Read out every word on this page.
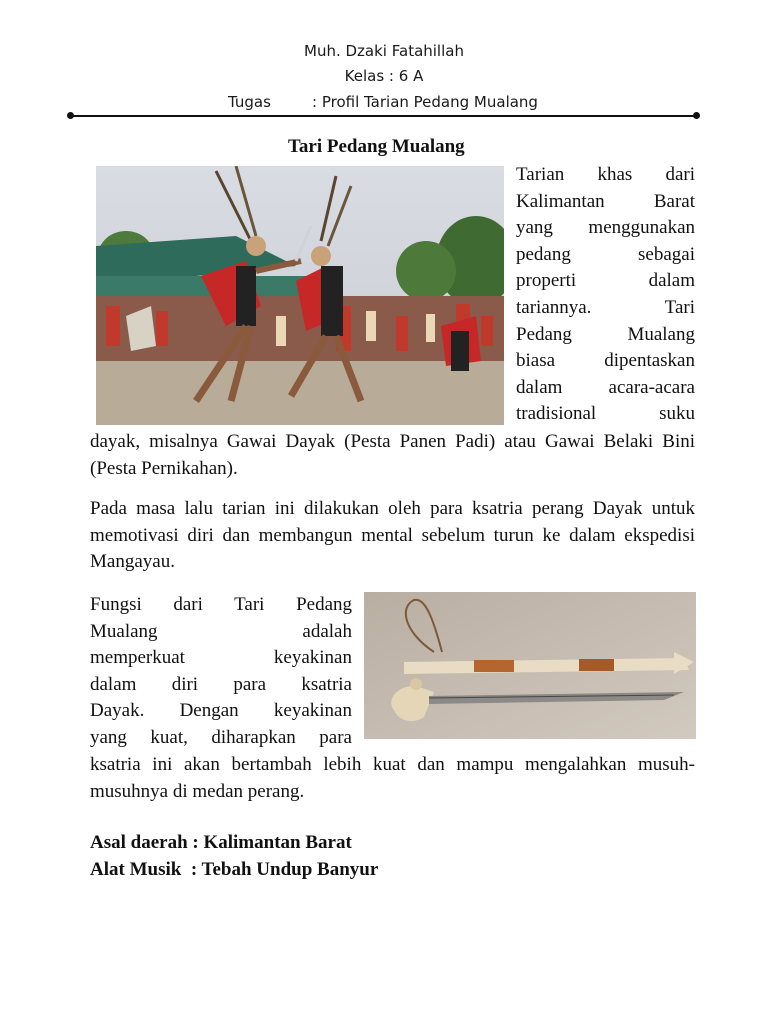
Muh. Dzaki Fatahillah
Kelas : 6 A
Tugas	: Profil Tarian Pedang Mualang
Tari Pedang Mualang
Tarian khas dari
Kalimantan Barat
yang menggunakan
pedang sebagai
properti dalam
tariannya. Tari
Pedang Mualang
biasa dipentaskan
dalam acara-acara
tradisional suku

dayak, misalnya Gawai Dayak (Pesta Panen Padi) atau Gawai Belaki Bini (Pesta Pernikahan).

Pada masa lalu tarian ini dilakukan oleh para ksatria perang Dayak untuk memotivasi diri dan membangun mental sebelum turun ke dalam ekspedisi Mangayau.

Fungsi dari Tari Pedang
Mualang adalah
memperkuat keyakinan
dalam diri para ksatria
Dayak. Dengan keyakinan
yang kuat, diharapkan para

ksatria ini akan bertambah lebih kuat dan mampu mengalahkan musuh-musuhnya di medan perang.

Asal daerah : Kalimantan Barat
Alat Musik  : Tebah Undup Banyur
